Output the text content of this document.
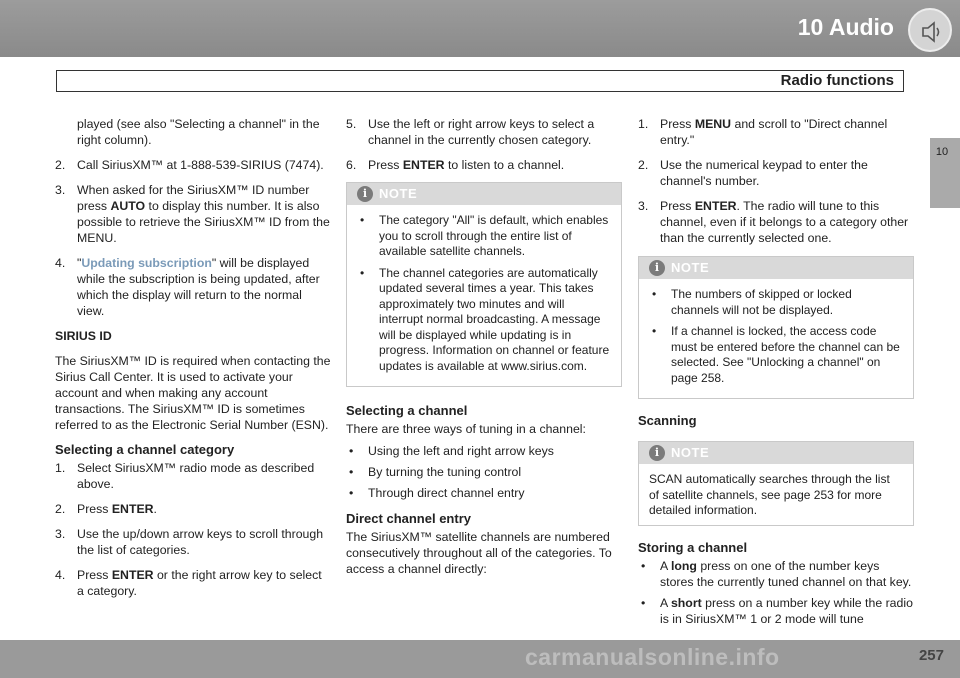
10 Audio
Radio functions
10

played (see also "Selecting a channel" in the right column).

2. Call SiriusXM™ at 1-888-539-SIRIUS (7474).
3. When asked for the SiriusXM™ ID number press AUTO to display this number. It is also possible to retrieve the SiriusXM™ ID from the MENU.
4. "Updating subscription" will be displayed while the subscription is being updated, after which the display will return to the normal view.

SIRIUS ID

The SiriusXM™ ID is required when contacting the Sirius Call Center. It is used to activate your account and when making any account transactions. The SiriusXM™ ID is sometimes referred to as the Electronic Serial Number (ESN).

Selecting a channel category
1. Select SiriusXM™ radio mode as described above.
2. Press ENTER.
3. Use the up/down arrow keys to scroll through the list of categories.
4. Press ENTER or the right arrow key to select a category.
5. Use the left or right arrow keys to select a channel in the currently chosen category.
6. Press ENTER to listen to a channel.
i NOTE
•	The category "All" is default, which enables you to scroll through the entire list of available satellite channels.
•	The channel categories are automatically updated several times a year. This takes approximately two minutes and will interrupt normal broadcasting. A message will be displayed while updating is in progress. Information on channel or feature updates is available at www.sirius.com.
Selecting a channel

There are three ways of tuning in a channel:

•	Using the left and right arrow keys
•	By turning the tuning control
•	Through direct channel entry
Direct channel entry

The SiriusXM™ satellite channels are numbered consecutively throughout all of the categories. To access a channel directly:

1. Press MENU and scroll to "Direct channel entry."
2. Use the numerical keypad to enter the channel's number.
3. Press ENTER. The radio will tune to this channel, even if it belongs to a category other than the currently selected one.
i NOTE
•	The numbers of skipped or locked channels will not be displayed.
•	If a channel is locked, the access code must be entered before the channel can be selected. See "Unlocking a channel" on page 258.
Scanning
i NOTE
SCAN automatically searches through the list of satellite channels, see page 253 for more detailed information.
Storing a channel
•	A long press on one of the number keys stores the currently tuned channel on that key.
•	A short press on a number key while the radio is in SiriusXM™ 1 or 2 mode will tune
257
carmanualsonline.info
